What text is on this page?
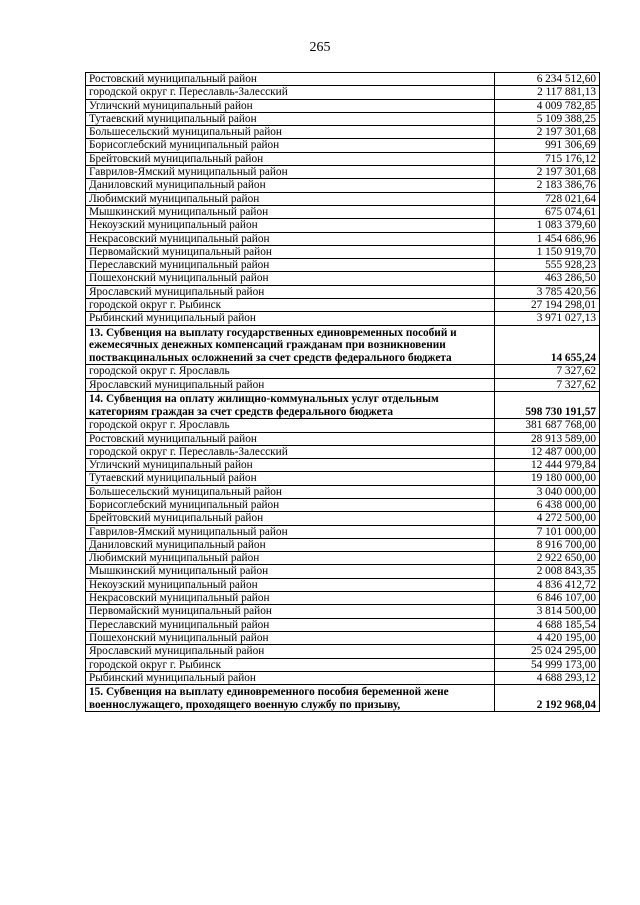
265
Ростовский муниципальный район	6 234 512,60
городской округ г. Переславль-Залесский	2 117 881,13
Угличский муниципальный район	4 009 782,85
Тутаевский муниципальный район	5 109 388,25
Большесельский муниципальный район	2 197 301,68
Борисоглебский муниципальный район	991 306,69
Брейтовский муниципальный район	715 176,12
Гаврилов-Ямский муниципальный район	2 197 301,68
Даниловский муниципальный район	2 183 386,76
Любимский муниципальный район	728 021,64
Мышкинский муниципальный район	675 074,61
Некоузский муниципальный район	1 083 379,60
Некрасовский муниципальный район	1 454 686,96
Первомайский муниципальный район	1 150 919,70
Переславский муниципальный район	555 928,23
Пошехонский муниципальный район	463 286,50
Ярославский муниципальный район	3 785 420,56
городской округ г. Рыбинск	27 194 298,01
Рыбинский муниципальный район	3 971 027,13
13. Субвенция на выплату государственных единовременных пособий и ежемесячных денежных компенсаций гражданам при возникновении поствакцинальных осложнений за счет средств федерального бюджета	14 655,24
городской округ г. Ярославль	7 327,62
Ярославский муниципальный район	7 327,62
14. Субвенция на оплату жилищно-коммунальных услуг отдельным категориям граждан за счет средств федерального бюджета	598 730 191,57
городской округ г. Ярославль	381 687 768,00
Ростовский муниципальный район	28 913 589,00
городской округ г. Переславль-Залесский	12 487 000,00
Угличский муниципальный район	12 444 979,84
Тутаевский муниципальный район	19 180 000,00
Большесельский муниципальный район	3 040 000,00
Борисоглебский муниципальный район	6 438 000,00
Брейтовский муниципальный район	4 272 500,00
Гаврилов-Ямский муниципальный район	7 101 000,00
Даниловский муниципальный район	8 916 700,00
Любимский муниципальный район	2 922 650,00
Мышкинский муниципальный район	2 008 843,35
Некоузский муниципальный район	4 836 412,72
Некрасовский муниципальный район	6 846 107,00
Первомайский муниципальный район	3 814 500,00
Переславский муниципальный район	4 688 185,54
Пошехонский муниципальный район	4 420 195,00
Ярославский муниципальный район	25 024 295,00
городской округ г. Рыбинск	54 999 173,00
Рыбинский муниципальный район	4 688 293,12
15. Субвенция на выплату единовременного пособия беременной жене военнослужащего, проходящего военную службу по призыву,	2 192 968,04
